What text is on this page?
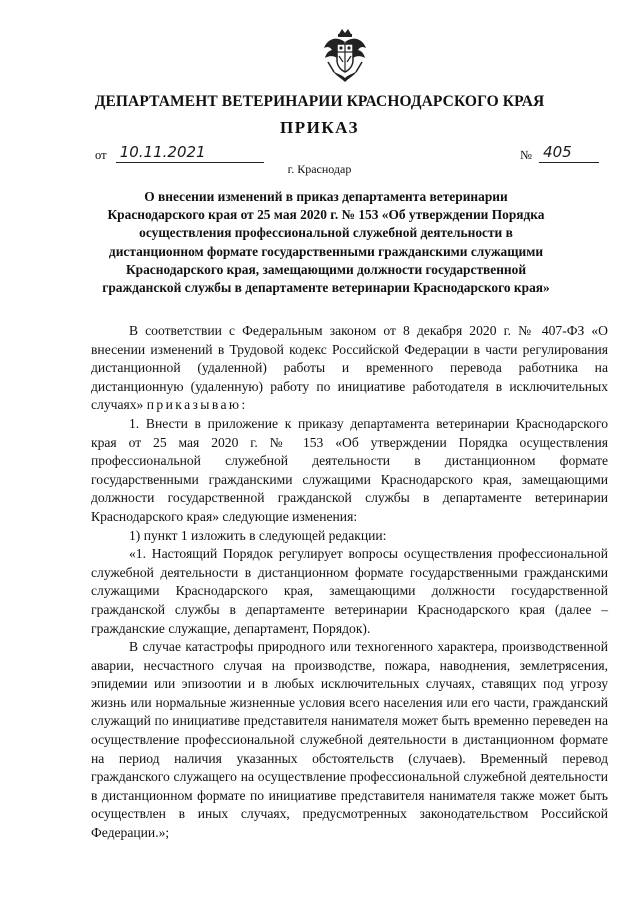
ДЕПАРТАМЕНТ ВЕТЕРИНАРИИ КРАСНОДАРСКОГО КРАЯ
ПРИКАЗ
от 10.11.2021	№ 405
г. Краснодар
О внесении изменений в приказ департамента ветеринарии Краснодарского края от 25 мая 2020 г. № 153 «Об утверждении Порядка осуществления профессиональной служебной деятельности в дистанционном формате государственными гражданскими служащими Краснодарского края, замещающими должности государственной гражданской службы в департаменте ветеринарии Краснодарского края»

В соответствии с Федеральным законом от 8 декабря 2020 г. № 407-ФЗ «О внесении изменений в Трудовой кодекс Российской Федерации в части регулирования дистанционной (удаленной) работы и временного перевода работника на дистанционную (удаленную) работу по инициативе работодателя в исключительных случаях» приказываю:

1. Внести в приложение к приказу департамента ветеринарии Краснодарского края от 25 мая 2020 г. № 153 «Об утверждении Порядка осуществления профессиональной служебной деятельности в дистанционном формате государственными гражданскими служащими Краснодарского края, замещающими должности государственной гражданской службы в департаменте ветеринарии Краснодарского края» следующие изменения:

1) пункт 1 изложить в следующей редакции:

«1. Настоящий Порядок регулирует вопросы осуществления профессиональной служебной деятельности в дистанционном формате государственными гражданскими служащими Краснодарского края, замещающими должности государственной гражданской службы в департаменте ветеринарии Краснодарского края (далее – гражданские служащие, департамент, Порядок).

В случае катастрофы природного или техногенного характера, производственной аварии, несчастного случая на производстве, пожара, наводнения, землетрясения, эпидемии или эпизоотии и в любых исключительных случаях, ставящих под угрозу жизнь или нормальные жизненные условия всего населения или его части, гражданский служащий по инициативе представителя нанимателя может быть временно переведен на осуществление профессиональной служебной деятельности в дистанционном формате на период наличия указанных обстоятельств (случаев). Временный перевод гражданского служащего на осуществление профессиональной служебной деятельности в дистанционном формате по инициативе представителя нанимателя также может быть осуществлен в иных случаях, предусмотренных законодательством Российской Федерации.»;
